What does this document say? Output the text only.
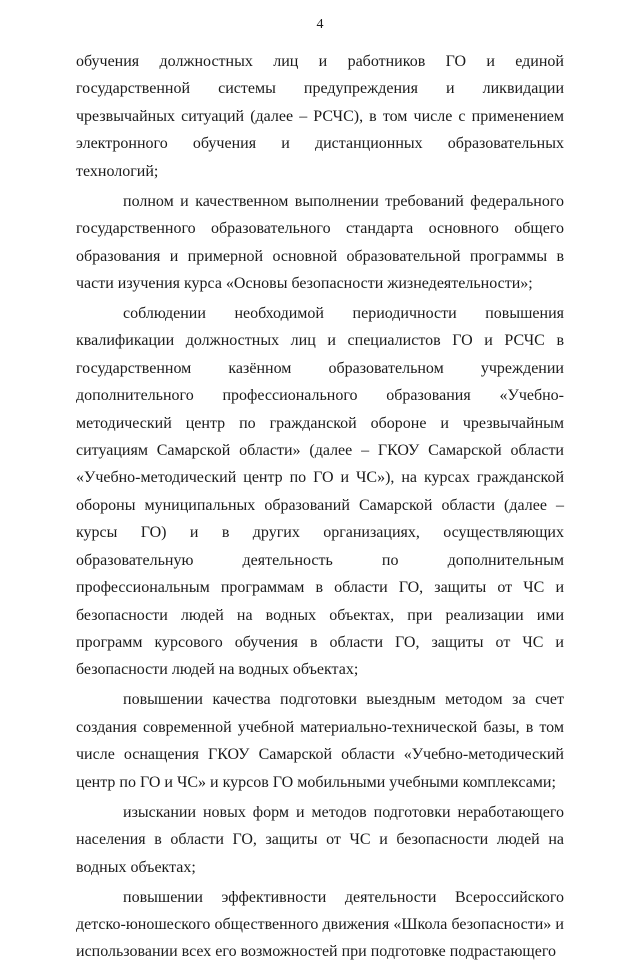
4

обучения должностных лиц и работников ГО и единой государственной системы предупреждения и ликвидации чрезвычайных ситуаций (далее – РСЧС), в том числе с применением электронного обучения и дистанционных образовательных технологий;

полном и качественном выполнении требований федерального государственного образовательного стандарта основного общего образования и примерной основной образовательной программы в части изучения курса «Основы безопасности жизнедеятельности»;

соблюдении необходимой периодичности повышения квалификации должностных лиц и специалистов ГО и РСЧС в государственном казённом образовательном учреждении дополнительного профессионального образования «Учебно-методический центр по гражданской обороне и чрезвычайным ситуациям Самарской области» (далее – ГКОУ Самарской области «Учебно-методический центр по ГО и ЧС»), на курсах гражданской обороны муниципальных образований Самарской области (далее – курсы ГО) и в других организациях, осуществляющих образовательную деятельность по дополнительным профессиональным программам в области ГО, защиты от ЧС и безопасности людей на водных объектах, при реализации ими программ курсового обучения в области ГО, защиты от ЧС и безопасности людей на водных объектах;

повышении качества подготовки выездным методом за счет создания современной учебной материально-технической базы, в том числе оснащения ГКОУ Самарской области «Учебно-методический центр по ГО и ЧС» и курсов ГО мобильными учебными комплексами;

изыскании новых форм и методов подготовки неработающего населения в области ГО, защиты от ЧС и безопасности людей на водных объектах;

повышении эффективности деятельности Всероссийского детско-юношеского общественного движения «Школа безопасности» и использовании всех его возможностей при подготовке подрастающего
